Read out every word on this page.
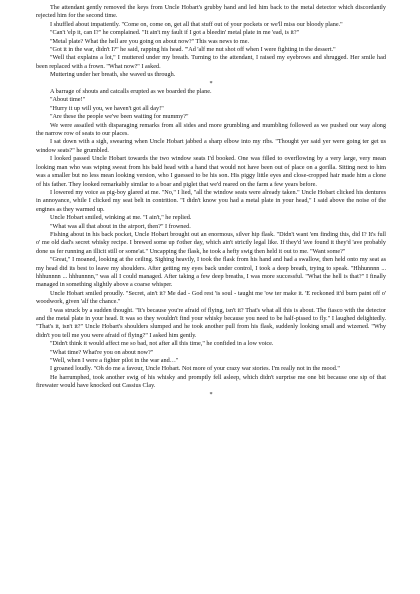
The attendant gently removed the keys from Uncle Hobart's grubby hand and led him back to the metal detector which discordantly rejected him for the second time.

I shuffled about impatiently. "Come on, come on, get all that stuff out of your pockets or we'll miss our bloody plane."

"Can't 'elp it, can I?" he complained. "It ain't my fault if I got a bleedin' metal plate in me 'ead, is it?"

"Metal plate? What the hell are you going on about now?" This was news to me.

"Got it in the war, didn't I?" he said, rapping his head. "'Ad 'alf me nut shot off when I were fighting in the dessert."

"Well that explains a lot," I muttered under my breath. Turning to the attendant, I raised my eyebrows and shrugged. Her smile had been replaced with a frown. "What now?" I asked.

Muttering under her breath, she waved us through.

*

A barrage of shouts and catcalls erupted as we boarded the plane.

"About time!"

"Hurry it up will you, we haven't got all day!"

"Are these the people we've been waiting for mummy?"

We were assailed with disparaging remarks from all sides and more grumbling and mumbling followed as we pushed our way along the narrow row of seats to our places.

I sat down with a sigh, swearing when Uncle Hobart jabbed a sharp elbow into my ribs. "Thought yer said yer were going ter get us window seats?" he grumbled.

I looked passed Uncle Hobart towards the two window seats I'd booked. One was filled to overflowing by a very large, very mean looking man who was wiping sweat from his bald head with a hand that would not have been out of place on a gorilla. Sitting next to him was a smaller but no less mean looking version, who I guessed to be his son. His piggy little eyes and close-cropped hair made him a clone of his father. They looked remarkably similar to a boar and piglet that we'd reared on the farm a few years before.

I lowered my voice as pig-boy glared at me. "No," I lied, "all the window seats were already taken." Uncle Hobart clicked his dentures in annoyance, while I clicked my seat belt in contrition. "I didn't know you had a metal plate in your head," I said above the noise of the engines as they warmed up.

Uncle Hobart smiled, winking at me. "I ain't," he replied.

"What was all that about in the airport, then?" I frowned.

Fishing about in his back pocket, Uncle Hobart brought out an enormous, silver hip flask. "Didn't want 'em finding this, did I? It's full o' me old dad's secret whisky recipe. I brewed some up t'other day, which ain't strictly legal like. If they'd 'ave found it they'd 'ave probably done us fer running an illicit still or some'at." Uncapping the flask, he took a hefty swig then held it out to me. "Want some?"

"Great," I moaned, looking at the ceiling. Sighing heavily, I took the flask from his hand and had a swallow, then held onto my seat as my head did its best to leave my shoulders. After getting my eyes back under control, I took a deep breath, trying to speak. "Hhhunnnn ... hhhunnnn ... hhhunnnn," was all I could managed. After taking a few deep breaths, I was more successful. "What the hell is that?" I finally managed in something slightly above a coarse whisper.

Uncle Hobart smiled proudly. "Secret, ain't it? Me dad - God rest 'is soul - taught me 'ow ter make it. 'E reckoned it'd burn paint off o' woodwork, given 'alf the chance."

I was struck by a sudden thought. "It's because you're afraid of flying, isn't it? That's what all this is about. The fiasco with the detector and the metal plate in your head. It was so they wouldn't find your whisky because you need to be half-pissed to fly." I laughed delightedly. "That's it, isn't it?" Uncle Hobart's shoulders slumped and he took another pull from his flask, suddenly looking small and wizened. "Why didn't you tell me you were afraid of flying?" I asked him gently.

"Didn't think it would affect me so bad, not after all this time," he confided in a low voice.

"What time? What're you on about now?"

"Well, when I were a fighter pilot in the war and…"

I groaned loudly. "Oh do me a favour, Uncle Hobart. Not more of your crazy war stories. I'm really not in the mood."

He harrumphed, took another swig of his whisky and promptly fell asleep, which didn't surprise me one bit because one sip of that firewater would have knocked out Cassius Clay.

*
